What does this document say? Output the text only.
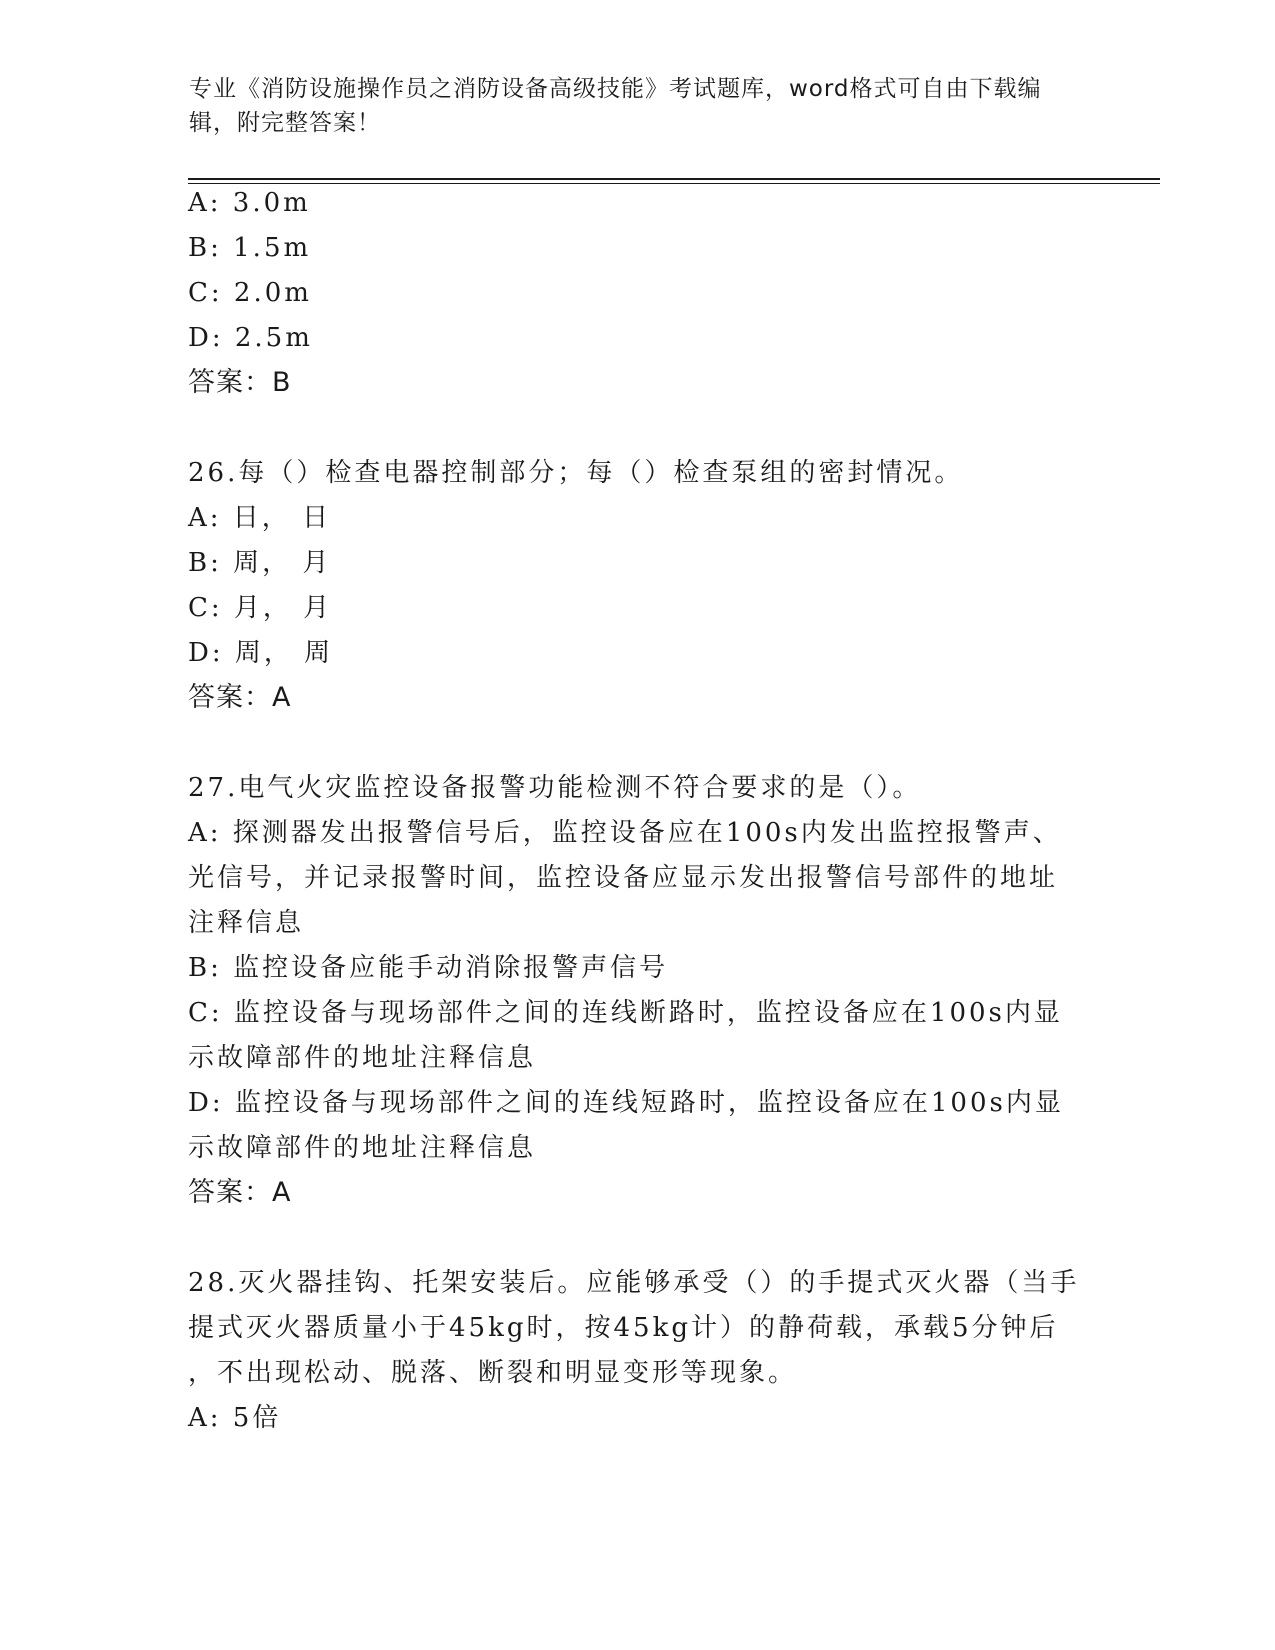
专业《消防设施操作员之消防设备高级技能》考试题库，word格式可自由下载编
辑，附完整答案！
A: 3.0m
B: 1.5m
C: 2.0m
D: 2.5m
答案：B
26.每（）检查电器控制部分；每（）检查泵组的密封情况。
A: 日， 日
B: 周， 月
C: 月， 月
D: 周， 周
答案：A
27.电气火灾监控设备报警功能检测不符合要求的是（）。
A: 探测器发出报警信号后，监控设备应在100s内发出监控报警声、
光信号，并记录报警时间，监控设备应显示发出报警信号部件的地址
注释信息
B: 监控设备应能手动消除报警声信号
C: 监控设备与现场部件之间的连线断路时，监控设备应在100s内显
示故障部件的地址注释信息
D: 监控设备与现场部件之间的连线短路时，监控设备应在100s内显
示故障部件的地址注释信息
答案：A
28.灭火器挂钩、托架安装后。应能够承受（）的手提式灭火器（当手
提式灭火器质量小于45kg时，按45kg计）的静荷载，承载5分钟后
，不出现松动、脱落、断裂和明显变形等现象。
A: 5倍
